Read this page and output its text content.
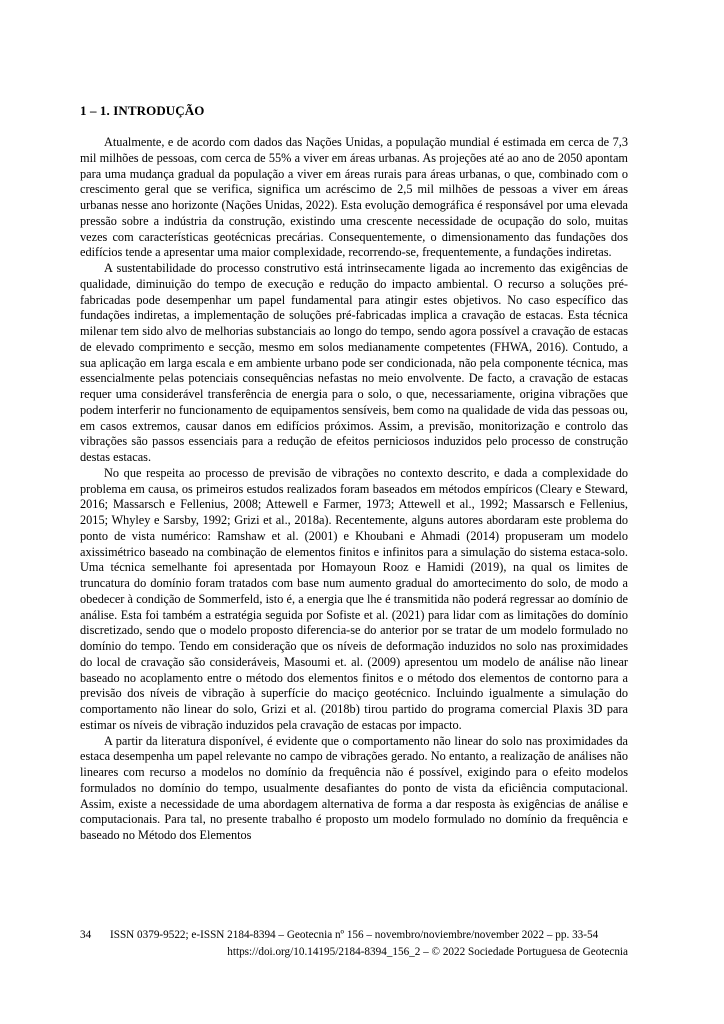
1 – 1. INTRODUÇÃO

Atualmente, e de acordo com dados das Nações Unidas, a população mundial é estimada em cerca de 7,3 mil milhões de pessoas, com cerca de 55% a viver em áreas urbanas. As projeções até ao ano de 2050 apontam para uma mudança gradual da população a viver em áreas rurais para áreas urbanas, o que, combinado com o crescimento geral que se verifica, significa um acréscimo de 2,5 mil milhões de pessoas a viver em áreas urbanas nesse ano horizonte (Nações Unidas, 2022). Esta evolução demográfica é responsável por uma elevada pressão sobre a indústria da construção, existindo uma crescente necessidade de ocupação do solo, muitas vezes com características geotécnicas precárias. Consequentemente, o dimensionamento das fundações dos edifícios tende a apresentar uma maior complexidade, recorrendo-se, frequentemente, a fundações indiretas.

A sustentabilidade do processo construtivo está intrinsecamente ligada ao incremento das exigências de qualidade, diminuição do tempo de execução e redução do impacto ambiental. O recurso a soluções pré-fabricadas pode desempenhar um papel fundamental para atingir estes objetivos. No caso específico das fundações indiretas, a implementação de soluções pré-fabricadas implica a cravação de estacas. Esta técnica milenar tem sido alvo de melhorias substanciais ao longo do tempo, sendo agora possível a cravação de estacas de elevado comprimento e secção, mesmo em solos medianamente competentes (FHWA, 2016). Contudo, a sua aplicação em larga escala e em ambiente urbano pode ser condicionada, não pela componente técnica, mas essencialmente pelas potenciais consequências nefastas no meio envolvente. De facto, a cravação de estacas requer uma considerável transferência de energia para o solo, o que, necessariamente, origina vibrações que podem interferir no funcionamento de equipamentos sensíveis, bem como na qualidade de vida das pessoas ou, em casos extremos, causar danos em edifícios próximos. Assim, a previsão, monitorização e controlo das vibrações são passos essenciais para a redução de efeitos perniciosos induzidos pelo processo de construção destas estacas.

No que respeita ao processo de previsão de vibrações no contexto descrito, e dada a complexidade do problema em causa, os primeiros estudos realizados foram baseados em métodos empíricos (Cleary e Steward, 2016; Massarsch e Fellenius, 2008; Attewell e Farmer, 1973; Attewell et al., 1992; Massarsch e Fellenius, 2015; Whyley e Sarsby, 1992; Grizi et al., 2018a). Recentemente, alguns autores abordaram este problema do ponto de vista numérico: Ramshaw et al. (2001) e Khoubani e Ahmadi (2014) propuseram um modelo axissimétrico baseado na combinação de elementos finitos e infinitos para a simulação do sistema estaca-solo. Uma técnica semelhante foi apresentada por Homayoun Rooz e Hamidi (2019), na qual os limites de truncatura do domínio foram tratados com base num aumento gradual do amortecimento do solo, de modo a obedecer à condição de Sommerfeld, isto é, a energia que lhe é transmitida não poderá regressar ao domínio de análise. Esta foi também a estratégia seguida por Sofiste et al. (2021) para lidar com as limitações do domínio discretizado, sendo que o modelo proposto diferencia-se do anterior por se tratar de um modelo formulado no domínio do tempo. Tendo em consideração que os níveis de deformação induzidos no solo nas proximidades do local de cravação são consideráveis, Masoumi et. al. (2009) apresentou um modelo de análise não linear baseado no acoplamento entre o método dos elementos finitos e o método dos elementos de contorno para a previsão dos níveis de vibração à superfície do maciço geotécnico. Incluindo igualmente a simulação do comportamento não linear do solo, Grizi et al. (2018b) tirou partido do programa comercial Plaxis 3D para estimar os níveis de vibração induzidos pela cravação de estacas por impacto.

A partir da literatura disponível, é evidente que o comportamento não linear do solo nas proximidades da estaca desempenha um papel relevante no campo de vibrações gerado. No entanto, a realização de análises não lineares com recurso a modelos no domínio da frequência não é possível, exigindo para o efeito modelos formulados no domínio do tempo, usualmente desafiantes do ponto de vista da eficiência computacional. Assim, existe a necessidade de uma abordagem alternativa de forma a dar resposta às exigências de análise e computacionais. Para tal, no presente trabalho é proposto um modelo formulado no domínio da frequência e baseado no Método dos Elementos

34 ISSN 0379-9522; e-ISSN 2184-8394 – Geotecnia nº 156 – novembro/noviembre/november 2022 – pp. 33-54
https://doi.org/10.14195/2184-8394_156_2 – © 2022 Sociedade Portuguesa de Geotecnia
